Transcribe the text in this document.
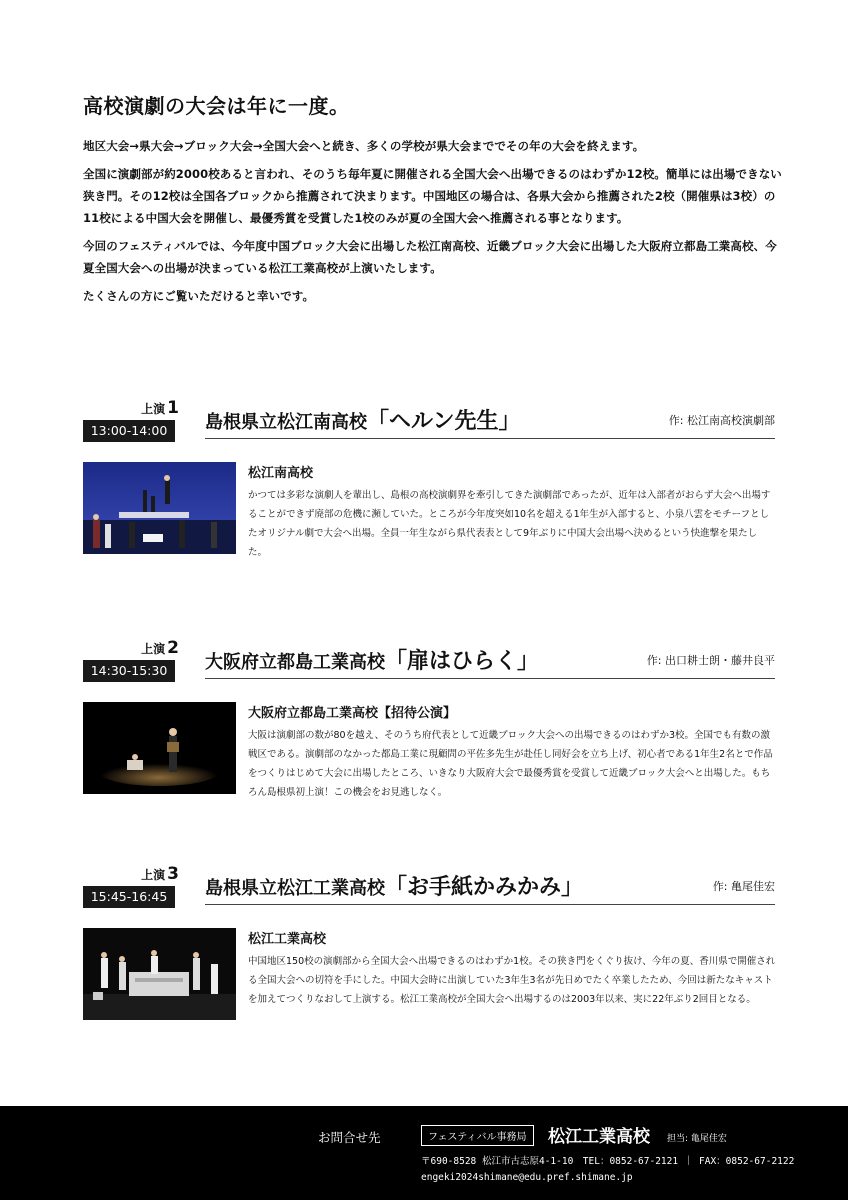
高校演劇の大会は年に一度。

地区大会→県大会→ブロック大会→全国大会へと続き、多くの学校が県大会まででその年の大会を終えます。

全国に演劇部が約2000校あると言われ、そのうち毎年夏に開催される全国大会へ出場できるのはわずか12校。簡単には出場できない狭き門。その12校は全国各ブロックから推薦されて決まります。中国地区の場合は、各県大会から推薦された2校（開催県は3校）の11校による中国大会を開催し、最優秀賞を受賞した1校のみが夏の全国大会へ推薦される事となります。

今回のフェスティバルでは、今年度中国ブロック大会に出場した松江南高校、近畿ブロック大会に出場した大阪府立都島工業高校、今夏全国大会への出場が決まっている松江工業高校が上演いたします。

たくさんの方にご覧いただけると幸いです。

上演 1
13:00-14:00	島根県立松江南高校「ヘルン先生」	作: 松江南高校演劇部
松江南高校
かつては多彩な演劇人を輩出し、島根の高校演劇界を牽引してきた演劇部であったが、近年は入部者がおらず大会へ出場することができず廃部の危機に瀕していた。ところが今年度突如10名を超える1年生が入部すると、小泉八雲をモチーフとしたオリジナル劇で大会へ出場。全員一年生ながら県代表表として9年ぶりに中国大会出場へ決めるという快進撃を果たした。
上演 2
14:30-15:30	大阪府立都島工業高校「扉はひらく」	作: 出口耕士朗・藤井良平
大阪府立都島工業高校【招待公演】
大阪は演劇部の数が80を越え、そのうち府代表として近畿ブロック大会への出場できるのはわずか3校。全国でも有数の激戦区である。演劇部のなかった都島工業に現顧問の平佐多先生が赴任し同好会を立ち上げ、初心者である1年生2名とで作品をつくりはじめて大会に出場したところ、いきなり大阪府大会で最優秀賞を受賞して近畿ブロック大会へと出場した。もちろん島根県初上演！この機会をお見逃しなく。
上演 3
15:45-16:45	島根県立松江工業高校「お手紙かみかみ」	作: 亀尾佳宏
松江工業高校
中国地区150校の演劇部から全国大会へ出場できるのはわずか1校。その狭き門をくぐり抜け、今年の夏、香川県で開催される全国大会への切符を手にした。中国大会時に出演していた3年生3名が先日めでたく卒業したため、今回は新たなキャストを加えてつくりなおして上演する。松江工業高校が全国大会へ出場するのは2003年以来、実に22年ぶり2回目となる。
お問合せ先	フェスティバル事務局	松江工業高校 担当: 亀尾佳宏
〒690-8528 松江市古志原4-1-10　TEL：0852-67-2121 ｜ FAX：0852-67-2122
engeki2024shimane@edu.pref.shimane.jp
